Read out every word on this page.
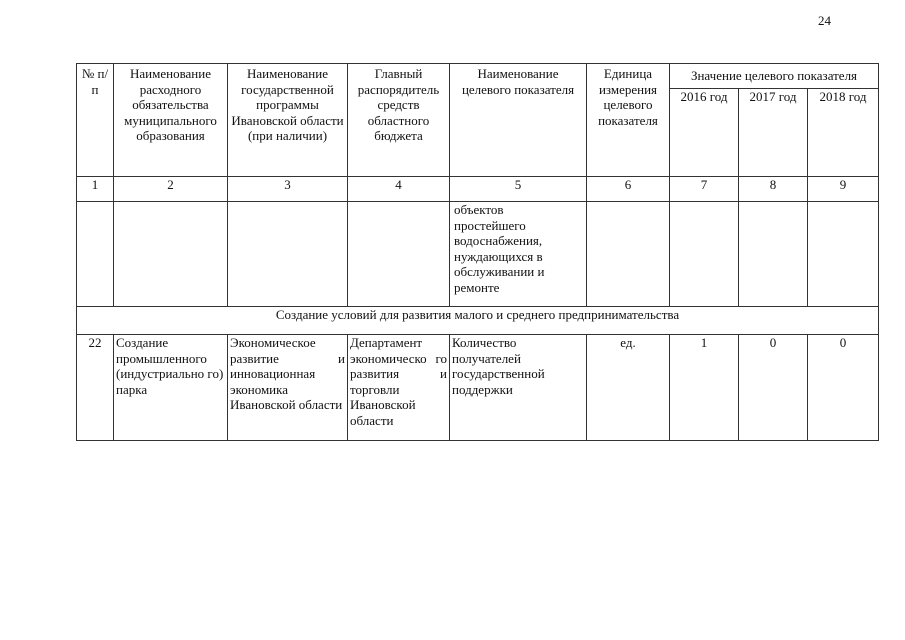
24
№ п/п	Наименование расходного обязательства муниципального образования	Наименование государственной программы Ивановской области (при наличии)	Главный распорядитель средств областного бюджета	Наименование целевого показателя	Единица измерения целевого показателя	Значение целевого показателя		
						2016 год	2017 год	2018 год
1	2	3	4	5	6	7	8	9
				объектов простейшего водоснабжения, нуждающихся в обслуживании и ремонте				
Создание условий для развития малого и среднего предпринимательства								
22	Создание промышленного (индустриально го) парка	Экономическое развитие и инновационная экономика Ивановской области	Департамент экономическо го развития и торговли Ивановской области	Количество получателей государственной поддержки	ед.	1	0	0
